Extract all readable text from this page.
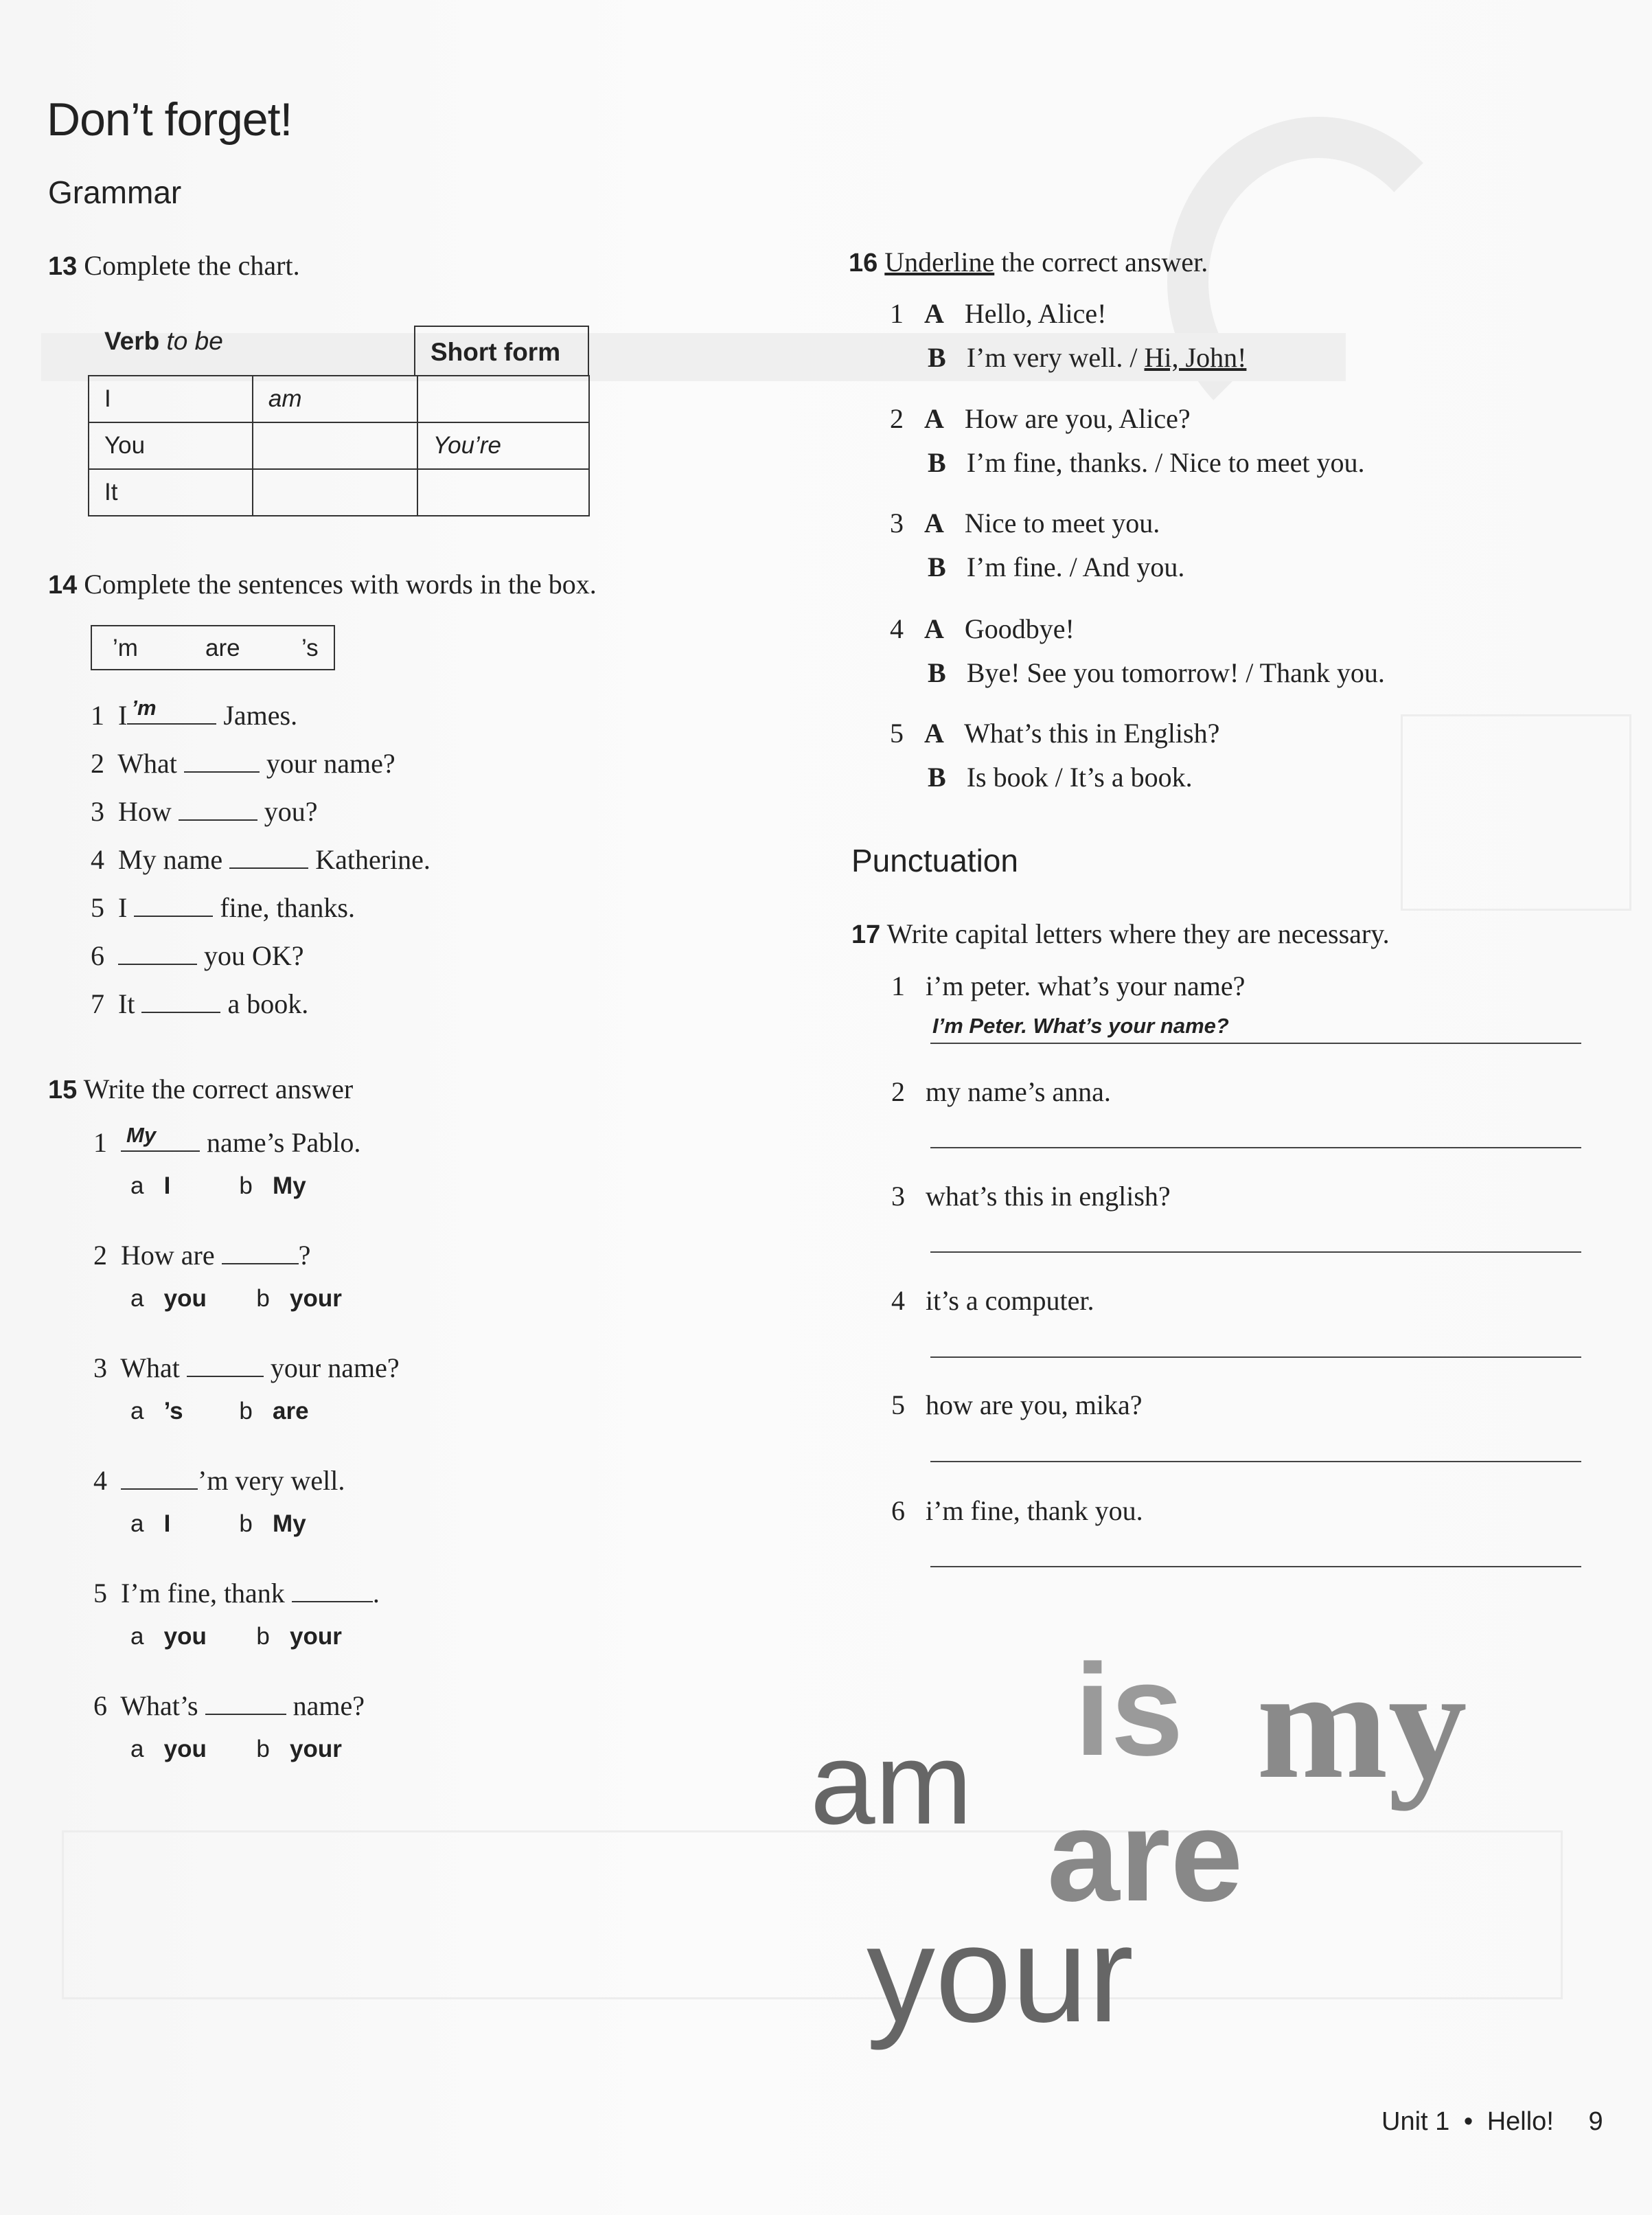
Don’t forget!
Grammar
13 Complete the chart.
Verb to be	Short form
I	am	
You		You’re
It		
14 Complete the sentences with words in the box.
’m	are	’s
1 I ’m James.
2 What	your name?
3 How	you?
4 My name	Katherine.
5 I	fine, thanks.
6	you OK?
7 It	a book.
15 Write the correct answer
1 My name’s Pablo.
a I	b My
2 How are	?
a you b your
3 What	your name?
a ’s b are
4	’m very well.
a I	b My
5 I’m fine, thank	.
a you b your
6 What’s	name?
a you b your
16 Underline the correct answer.
1 A Hello, Alice!
B I’m very well. / Hi, John!
2 A How are you, Alice?
B I’m fine, thanks. / Nice to meet you.
3 A Nice to meet you.
B I’m fine. / And you.
4 A Goodbye!
B Bye! See you tomorrow! / Thank you.
5 A What’s this in English?
B Is book / It’s a book.
Punctuation
17 Write capital letters where they are necessary.
1 i’m peter. what’s your name?
I’m Peter. What’s your name?
2 my name’s anna.
3 what’s this in english?
4 it’s a computer.
5 how are you, mika?
6 i’m fine, thank you.
is my
am are
your
Unit 1 • Hello! 9
